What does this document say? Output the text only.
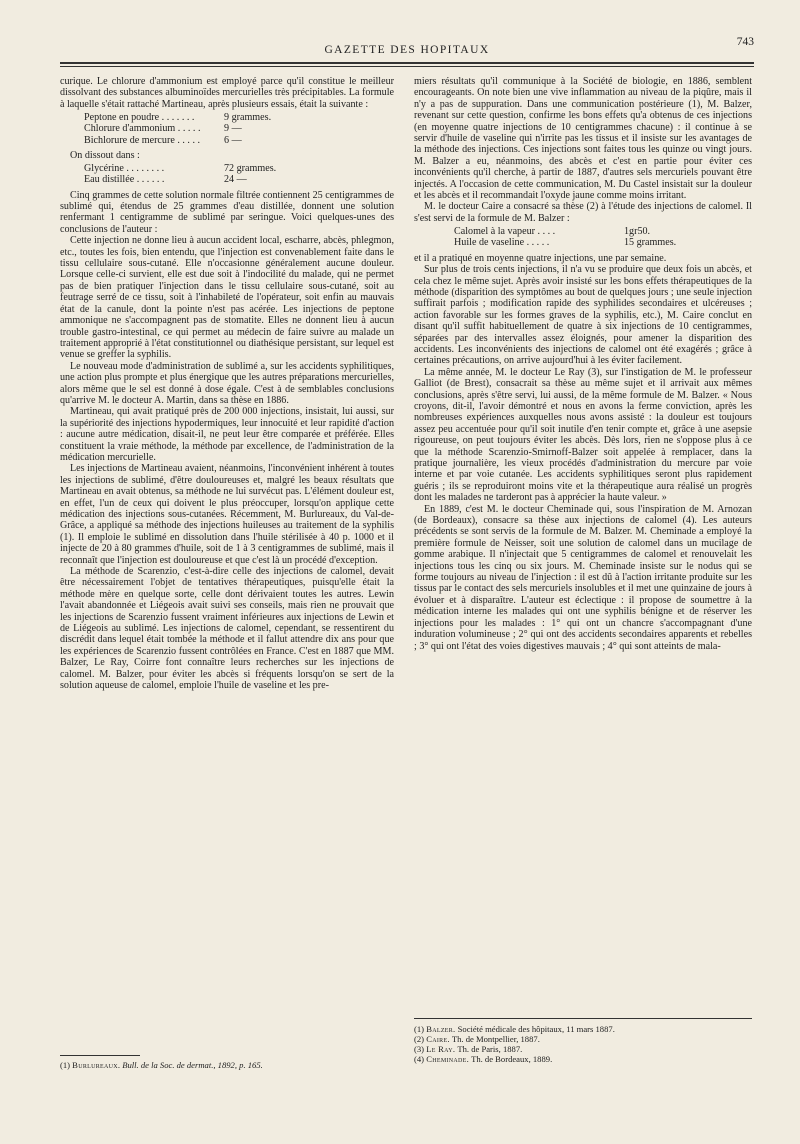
GAZETTE DES HOPITAUX
743

curique. Le chlorure d'ammonium est employé parce qu'il constitue le meilleur dissolvant des substances albuminoïdes mercurielles très précipitables. La formule à laquelle s'était rattaché Martineau, après plusieurs essais, était la suivante :

Peptone en poudre . . . . . . .	9 grammes.
Chlorure d'ammonium . . . . .	9 —
Bichlorure de mercure . . . . .	6 —

On dissout dans :

Glycérine . . . . . . . .	72 grammes.
Eau distillée . . . . . .	24 —

Cinq grammes de cette solution normale filtrée contiennent 25 centigrammes de sublimé qui, étendus de 25 grammes d'eau distillée, donnent une solution renfermant 1 centigramme de sublimé par seringue. Voici quelques-unes des conclusions de l'auteur :

Cette injection ne donne lieu à aucun accident local, escharre, abcès, phlegmon, etc., toutes les fois, bien entendu, que l'injection est convenablement faite dans le tissu cellulaire sous-cutané. Elle n'occasionne généralement aucune douleur. Lorsque celle-ci survient, elle est due soit à l'indocilité du malade, qui ne permet pas de bien pratiquer l'injection dans le tissu cellulaire sous-cutané, soit au feutrage serré de ce tissu, soit à l'inhabileté de l'opérateur, soit enfin au mauvais état de la canule, dont la pointe n'est pas acérée. Les injections de peptone ammonique ne s'accompagnent pas de stomatite. Elles ne donnent lieu à aucun trouble gastro-intestinal, ce qui permet au médecin de faire suivre au malade un traitement approprié à l'état constitutionnel ou diathésique persistant, sur lequel est venue se greffer la syphilis.

Le nouveau mode d'administration de sublimé a, sur les accidents syphilitiques, une action plus prompte et plus énergique que les autres préparations mercurielles, alors même que le sel est donné à dose égale. C'est à de semblables conclusions qu'arrive M. le docteur A. Martin, dans sa thèse en 1886.

Martineau, qui avait pratiqué près de 200 000 injections, insistait, lui aussi, sur la supériorité des injections hypodermiques, leur innocuité et leur rapidité d'action : aucune autre médication, disait-il, ne peut leur être comparée et préférée. Elles constituent la vraie méthode, la méthode par excellence, de l'administration de la médication mercurielle.

Les injections de Martineau avaient, néanmoins, l'inconvénient inhérent à toutes les injections de sublimé, d'être douloureuses et, malgré les beaux résultats que Martineau en avait obtenus, sa méthode ne lui survécut pas. L'élément douleur est, en effet, l'un de ceux qui doivent le plus préoccuper, lorsqu'on applique cette médication des injections sous-cutanées. Récemment, M. Burlureaux, du Val-de-Grâce, a appliqué sa méthode des injections huileuses au traitement de la syphilis (1). Il emploie le sublimé en dissolution dans l'huile stérilisée à 40 p. 1000 et il injecte de 20 à 80 grammes d'huile, soit de 1 à 3 centigrammes de sublimé, mais il reconnaît que l'injection est douloureuse et que c'est là un procédé d'exception.

La méthode de Scarenzio, c'est-à-dire celle des injections de calomel, devait être nécessairement l'objet de tentatives thérapeutiques, puisqu'elle était la méthode mère en quelque sorte, celle dont dérivaient toutes les autres. Lewin l'avait abandonnée et Liégeois avait suivi ses conseils, mais rien ne prouvait que les injections de Scarenzio fussent vraiment inférieures aux injections de Lewin et de Liégeois au sublimé. Les injections de calomel, cependant, se ressentirent du discrédit dans lequel était tombée la méthode et il fallut attendre dix ans pour que les expériences de Scarenzio fussent contrôlées en France. C'est en 1887 que MM. Balzer, Le Ray, Coirre font connaître leurs recherches sur les injections de calomel. M. Balzer, pour éviter les abcès si fréquents lorsqu'on se sert de la solution aqueuse de calomel, emploie l'huile de vaseline et les pre-

(1) Burlureaux. Bull. de la Soc. de dermat., 1892, p. 165.

miers résultats qu'il communique à la Société de biologie, en 1886, semblent encourageants. On note bien une vive inflammation au niveau de la piqûre, mais il n'y a pas de suppuration. Dans une communication postérieure (1), M. Balzer, revenant sur cette question, confirme les bons effets qu'a obtenus de ces injections (en moyenne quatre injections de 10 centigrammes chacune) : il continue à se servir d'huile de vaseline qui n'irrite pas les tissus et il insiste sur les avantages de la méthode des injections. Ces injections sont faites tous les quinze ou vingt jours. M. Balzer a eu, néanmoins, des abcès et c'est en partie pour éviter ces inconvénients qu'il cherche, à partir de 1887, d'autres sels mercuriels pouvant être injectés. A l'occasion de cette communication, M. Du Castel insistait sur la douleur et les abcès et il recommandait l'oxyde jaune comme moins irritant.

M. le docteur Caire a consacré sa thèse (2) à l'étude des injections de calomel. Il s'est servi de la formule de M. Balzer :

Calomel à la vapeur . . . .	1gr50.
Huile de vaseline . . . . .	15 grammes.

et il a pratiqué en moyenne quatre injections, une par semaine.

Sur plus de trois cents injections, il n'a vu se produire que deux fois un abcès, et cela chez le même sujet. Après avoir insisté sur les bons effets thérapeutiques de la méthode (disparition des symptômes au bout de quelques jours ; une seule injection suffirait parfois ; modification rapide des syphilides secondaires et ulcéreuses ; action favorable sur les formes graves de la syphilis, etc.), M. Caire conclut en disant qu'il suffit habituellement de quatre à six injections de 10 centigrammes, séparées par des intervalles assez éloignés, pour amener la disparition des accidents. Les inconvénients des injections de calomel ont été exagérés ; grâce à certaines précautions, on arrive aujourd'hui à les éviter facilement.

La même année, M. le docteur Le Ray (3), sur l'instigation de M. le professeur Galliot (de Brest), consacrait sa thèse au même sujet et il arrivait aux mêmes conclusions, après s'être servi, lui aussi, de la même formule de M. Balzer. « Nous croyons, dit-il, l'avoir démontré et nous en avons la ferme conviction, après les nombreuses expériences auxquelles nous avons assisté : la douleur est toujours assez peu accentuée pour qu'il soit inutile d'en tenir compte et, grâce à une asepsie rigoureuse, on peut toujours éviter les abcès. Dès lors, rien ne s'oppose plus à ce que la méthode Scarenzio-Smirnoff-Balzer soit appelée à remplacer, dans la pratique journalière, les vieux procédés d'administration du mercure par voie interne et par voie cutanée. Les accidents syphilitiques seront plus rapidement guéris ; ils se reproduiront moins vite et la thérapeutique aura réalisé un progrès dont les malades ne tarderont pas à apprécier la haute valeur. »

En 1889, c'est M. le docteur Cheminade qui, sous l'inspiration de M. Arnozan (de Bordeaux), consacre sa thèse aux injections de calomel (4). Les auteurs précédents se sont servis de la formule de M. Balzer. M. Cheminade a employé la première formule de Neisser, soit une solution de calomel dans un mucilage de gomme arabique. Il n'injectait que 5 centigrammes de calomel et renouvelait les injections tous les cinq ou six jours. M. Cheminade insiste sur le nodus qui se forme toujours au niveau de l'injection : il est dû à l'action irritante produite sur les tissus par le contact des sels mercuriels insolubles et il met une quinzaine de jours à évoluer et à disparaître. L'auteur est éclectique : il propose de soumettre à la médication interne les malades qui ont une syphilis bénigne et de réserver les injections pour les malades : 1° qui ont un chancre s'accompagnant d'une induration volumineuse ; 2° qui ont des accidents secondaires apparents et rebelles ; 3° qui ont l'état des voies digestives mauvais ; 4° qui sont atteints de mala-

(1) Balzer. Société médicale des hôpitaux, 11 mars 1887.

(2) Caire. Th. de Montpellier, 1887.

(3) Le Ray. Th. de Paris, 1887.

(4) Cheminade. Th. de Bordeaux, 1889.
